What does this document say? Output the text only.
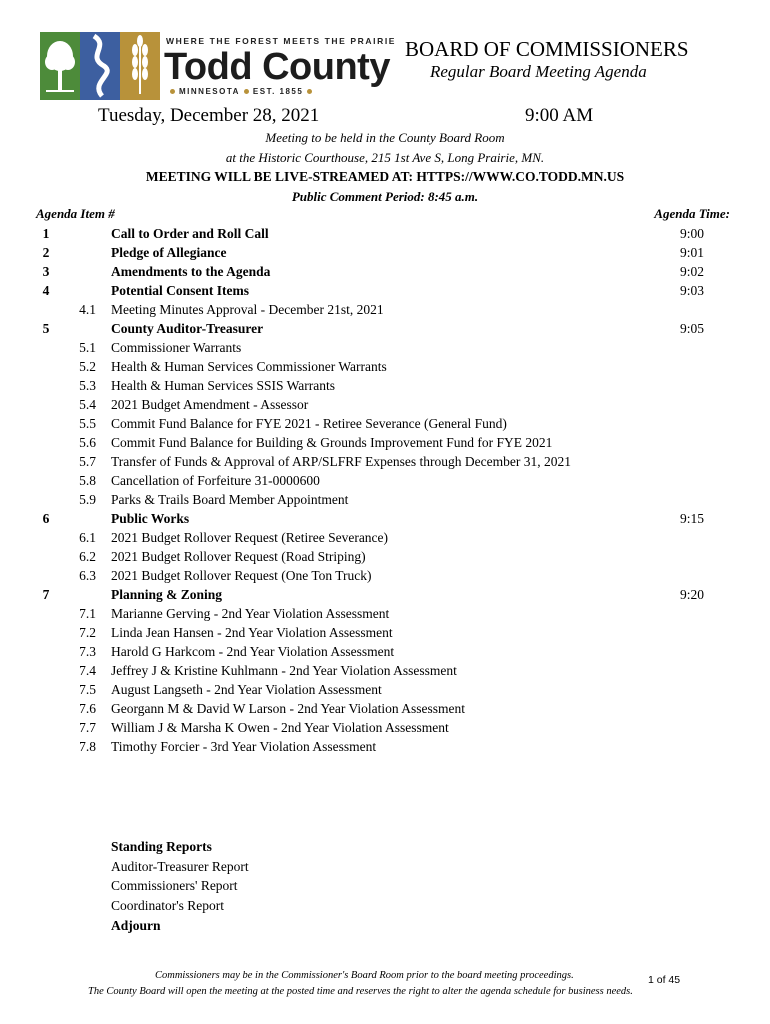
WHERE THE FOREST MEETS THE PRAIRIE
Todd County
MINNESOTA EST. 1855
BOARD OF COMMISSIONERS
Regular Board Meeting Agenda
Tuesday, December 28, 2021	9:00 AM
Meeting to be held in the County Board Room
at the Historic Courthouse, 215 1st Ave S, Long Prairie, MN.
MEETING WILL BE LIVE-STREAMED AT: HTTPS://WWW.CO.TODD.MN.US
Public Comment Period: 8:45 a.m.
Agenda Item #	Agenda Time:
1	Call to Order and Roll Call	9:00
2	Pledge of Allegiance	9:01
3	Amendments to the Agenda	9:02
4	Potential Consent Items	9:03
4.1 Meeting Minutes Approval - December 21st, 2021
5	County Auditor-Treasurer	9:05
5.1 Commissioner Warrants
5.2 Health & Human Services Commissioner Warrants
5.3 Health & Human Services SSIS Warrants
5.4 2021 Budget Amendment - Assessor
5.5 Commit Fund Balance for FYE 2021 - Retiree Severance (General Fund)
5.6 Commit Fund Balance for Building & Grounds Improvement Fund for FYE 2021
5.7 Transfer of Funds & Approval of ARP/SLFRF Expenses through December 31, 2021
5.8 Cancellation of Forfeiture 31-0000600
5.9 Parks & Trails Board Member Appointment
6	Public Works	9:15
6.1 2021 Budget Rollover Request (Retiree Severance)
6.2 2021 Budget Rollover Request (Road Striping)
6.3 2021 Budget Rollover Request (One Ton Truck)
7	Planning & Zoning	9:20
7.1 Marianne Gerving - 2nd Year Violation Assessment
7.2 Linda Jean Hansen - 2nd Year Violation Assessment
7.3 Harold G Harkcom - 2nd Year Violation Assessment
7.4 Jeffrey J & Kristine Kuhlmann - 2nd Year Violation Assessment
7.5 August Langseth - 2nd Year Violation Assessment
7.6 Georgann M & David W Larson - 2nd Year Violation Assessment
7.7 William J & Marsha K Owen - 2nd Year Violation Assessment
7.8 Timothy Forcier - 3rd Year Violation Assessment
Standing Reports
Auditor-Treasurer Report
Commissioners' Report
Coordinator's Report
Adjourn
Commissioners may be in the Commissioner's Board Room prior to the board meeting proceedings.	1 of 45
The County Board will open the meeting at the posted time and reserves the right to alter the agenda schedule for business needs.
